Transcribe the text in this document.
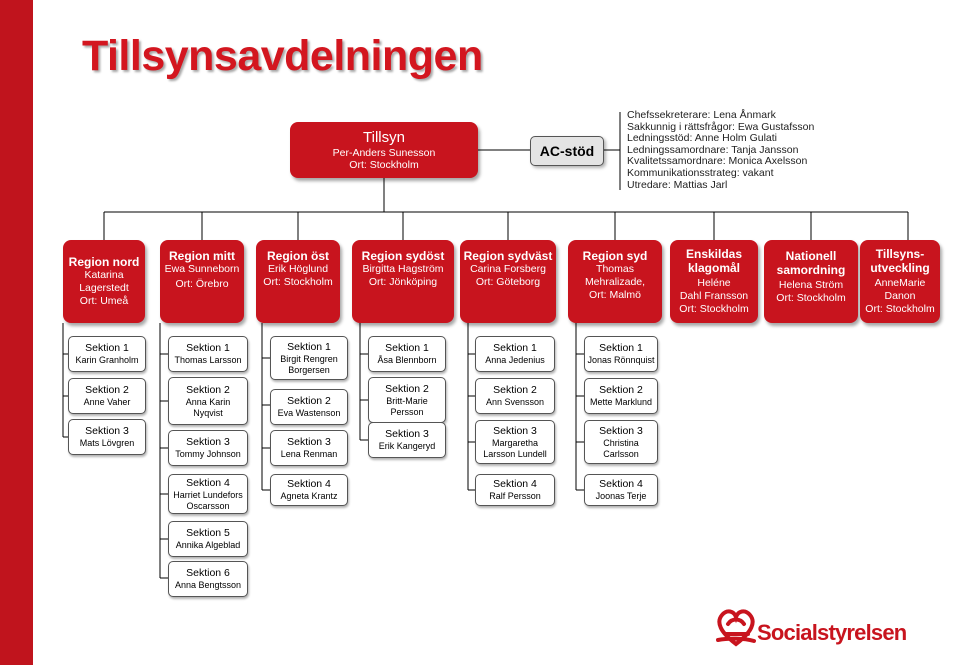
Tillsynsavdelningen
Tillsyn
Per-Anders Sunesson
Ort: Stockholm
AC-stöd
Chefssekreterare: Lena Ånmark
Sakkunnig i rättsfrågor: Ewa Gustafsson
Ledningsstöd: Anne Holm Gulati
Ledningssamordnare: Tanja Jansson
Kvalitetssamordnare: Monica Axelsson
Kommunikationsstrateg: vakant
Utredare: Mattias Jarl
Region nord
Katarina
Lagerstedt
Ort: Umeå
Region mitt
Ewa Sunneborn
Ort: Örebro
Region öst
Erik Höglund
Ort: Stockholm
Region sydöst
Birgitta Hagström
Ort: Jönköping
Region sydväst
Carina Forsberg
Ort: Göteborg
Region syd
Thomas
Mehralizade,
Ort: Malmö
Enskildas klagomål
Heléne
Dahl Fransson
Ort: Stockholm
Nationell samordning
Helena Ström
Ort: Stockholm
Tillsyns-utveckling
AnneMarie
Danon
Ort: Stockholm
Sektion 1
Karin Granholm
Sektion 2
Anne Vaher
Sektion 3
Mats Lövgren
Sektion 1
Thomas Larsson
Sektion 2
Anna Karin Nyqvist
Sektion 3
Tommy Johnson
Sektion 4
Harriet Lundefors Oscarsson
Sektion 5
Annika Algeblad
Sektion 6
Anna Bengtsson
Sektion 1
Birgit Rengren Borgersen
Sektion 2
Eva Wastenson
Sektion 3
Lena Renman
Sektion 4
Agneta Krantz
Sektion 1
Åsa Blennborn
Sektion 2
Britt-Marie Persson
Sektion 3
Erik Kangeryd
Sektion 1
Anna Jedenius
Sektion 2
Ann Svensson
Sektion 3
Margaretha Larsson Lundell
Sektion 4
Ralf Persson
Sektion 1
Jonas Rönnquist
Sektion 2
Mette Marklund
Sektion 3
Christina Carlsson
Sektion 4
Joonas Terje
Socialstyrelsen
